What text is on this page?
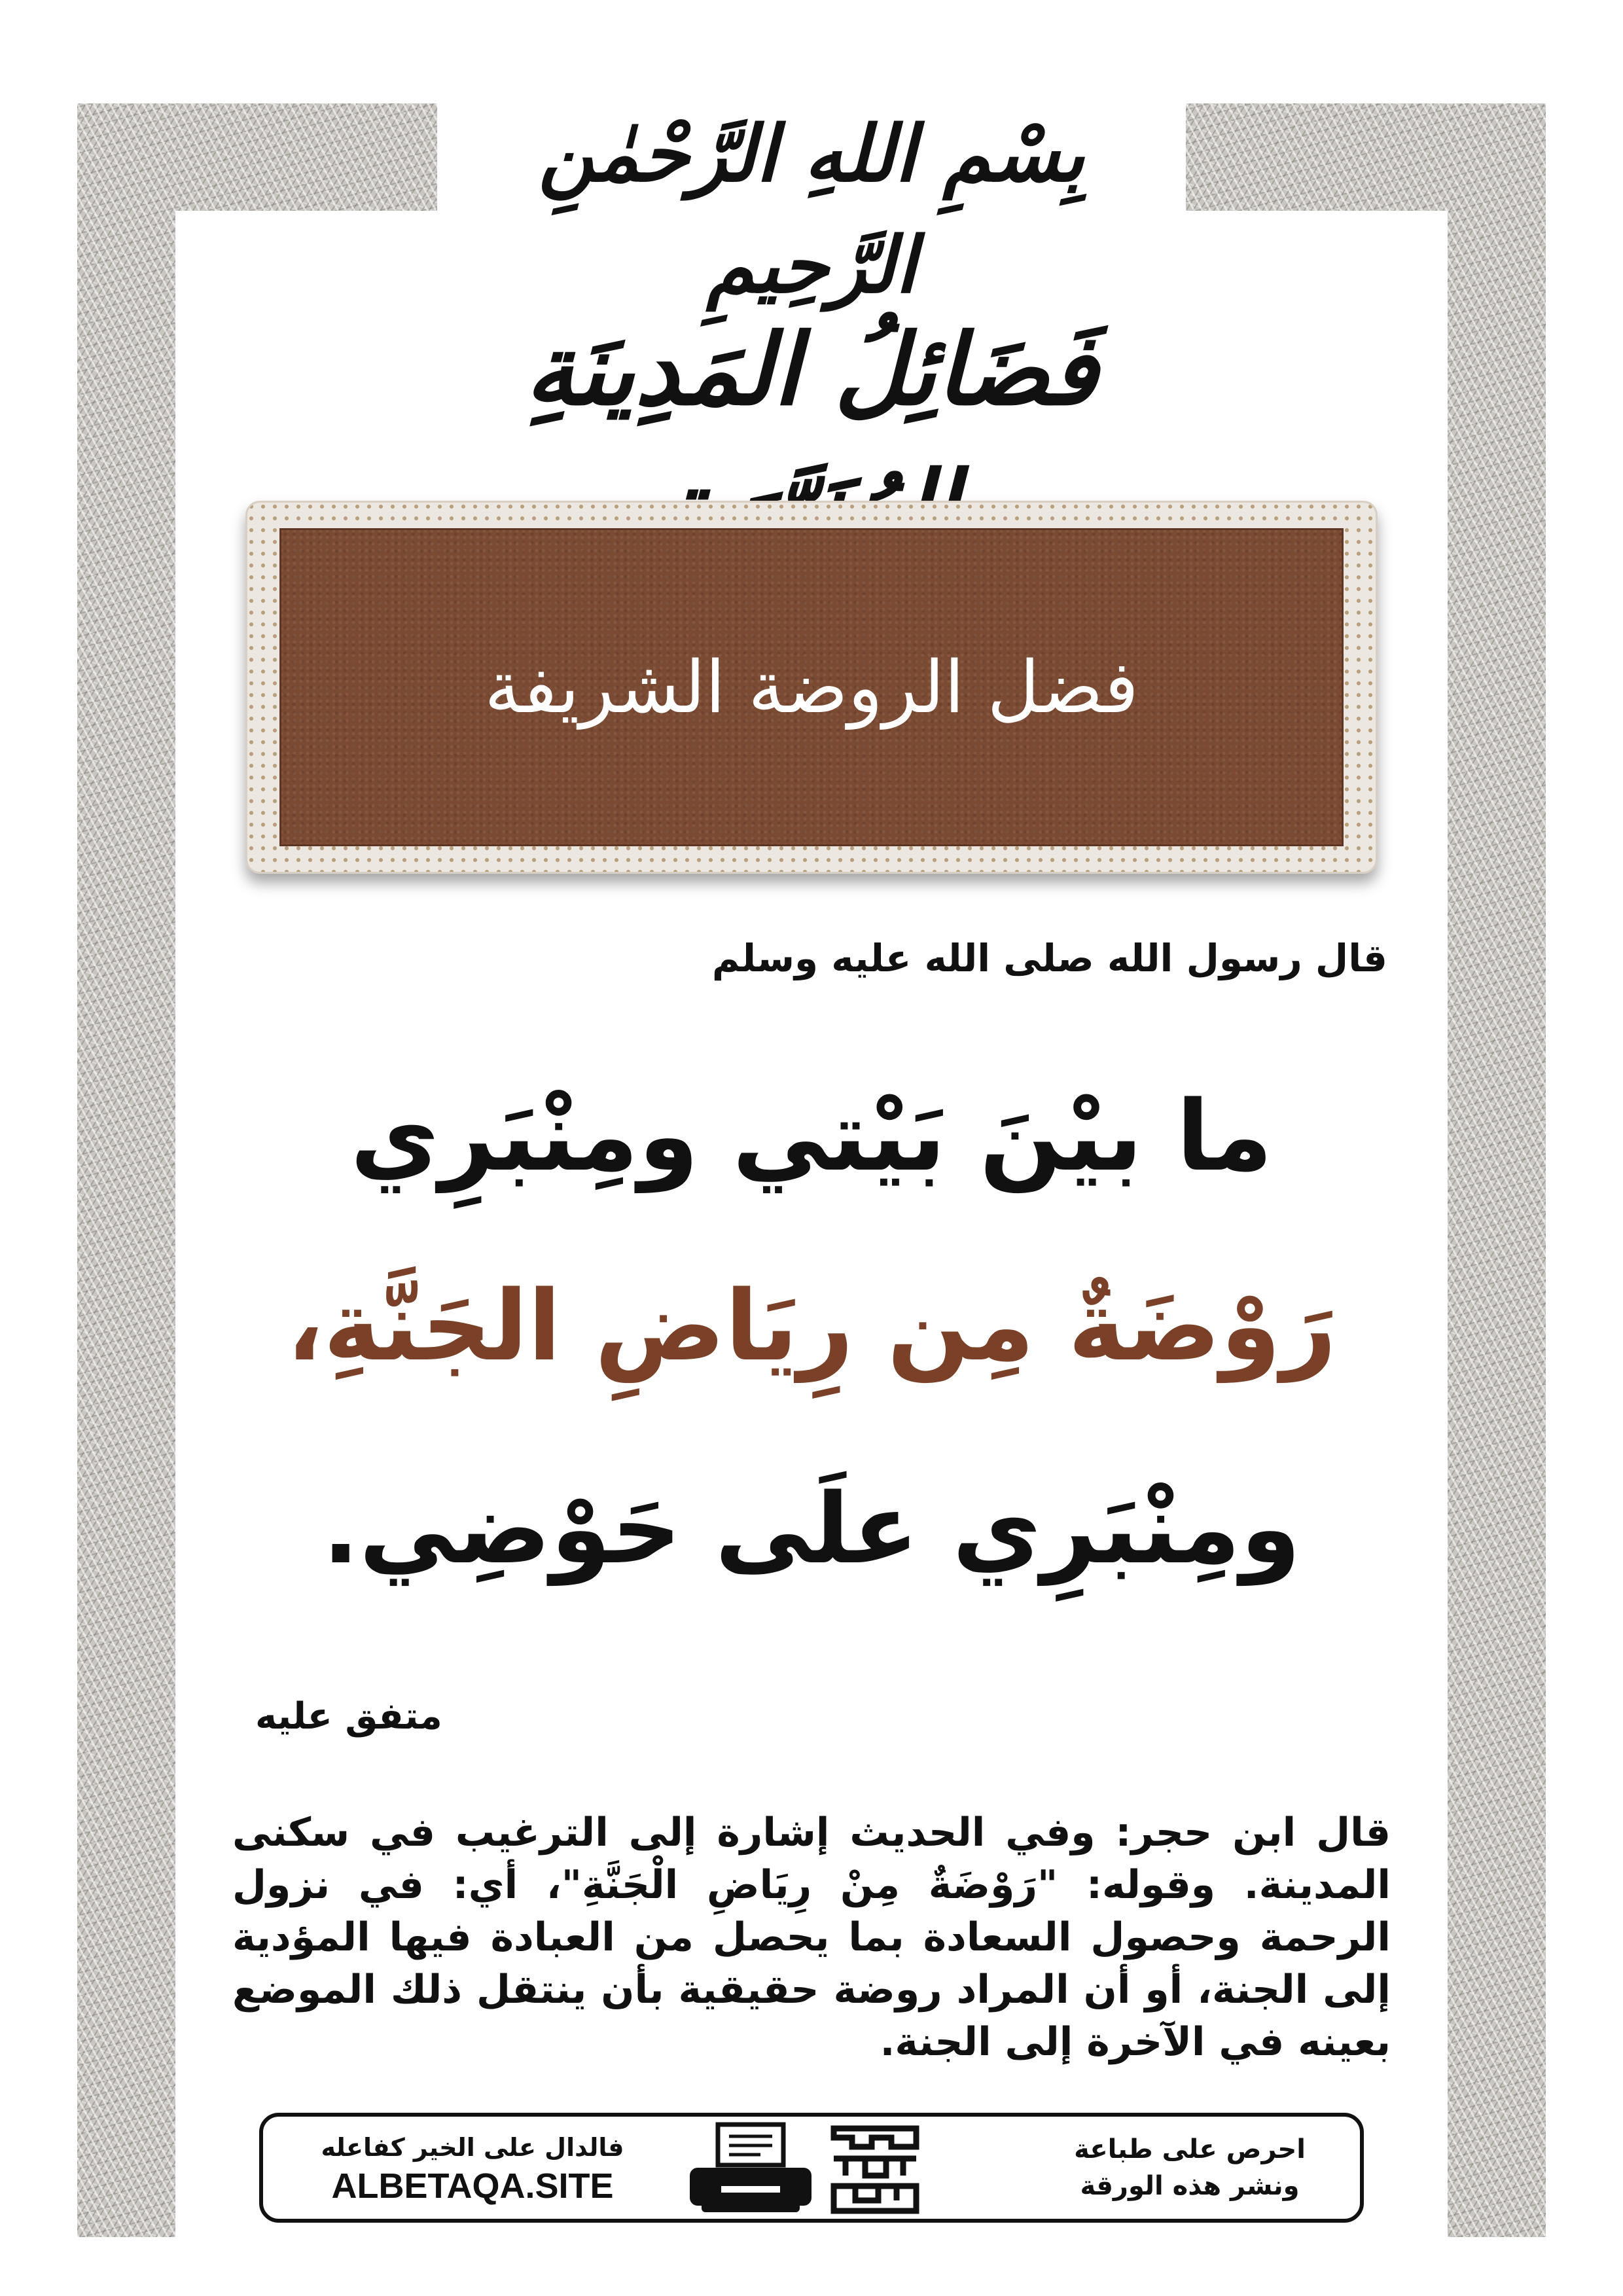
بِسْمِ اللهِ الرَّحْمٰنِ الرَّحِيمِ
فَضَائِلُ المَدِينَةِ
فضل الروضة الشريفة
قال رسول الله صلى الله عليه وسلم
ما بيْنَ بَيْتي ومِنْبَرِي
رَوْضَةٌ مِن رِيَاضِ الجَنَّةِ،
ومِنْبَرِي علَى حَوْضِي.
متفق عليه
قال ابن حجر: وفي الحديث إشارة إلى الترغيب في سكنى المدينة. وقوله: "رَوْضَةٌ مِنْ رِيَاضِ الْجَنَّةِ"، أي: في نزول الرحمة وحصول السعادة بما يحصل من العبادة فيها المؤدية إلى الجنة، أو أن المراد روضة حقيقية بأن ينتقل ذلك الموضع بعينه في الآخرة إلى الجنة.
فالدال على الخير كفاعله
ALBETAQA.SITE
احرص على طباعة
ونشر هذه الورقة
